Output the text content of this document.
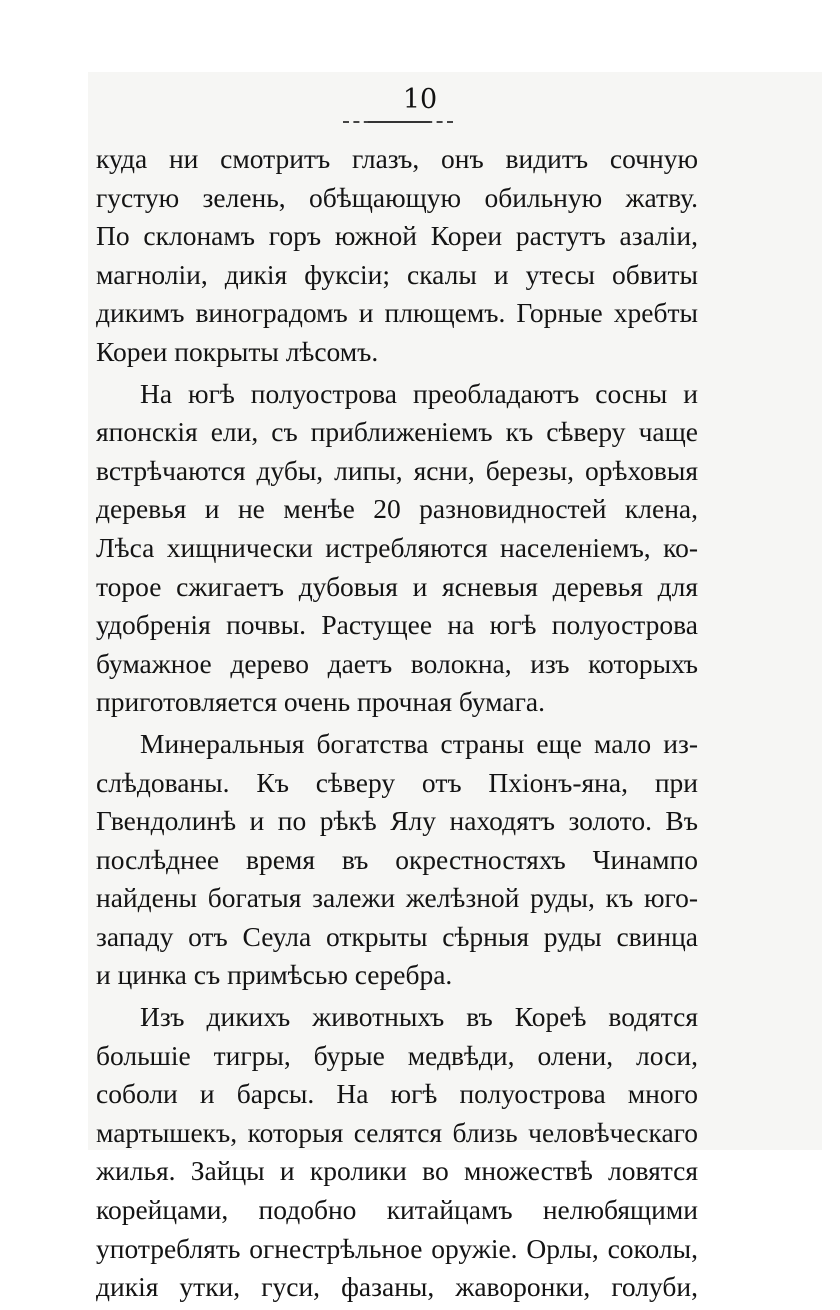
10
куда ни смотритъ глазъ, онъ видитъ сочную
густую зелень, обѣщающую обильную жатву.
По склонамъ горъ южной Кореи растутъ азаліи,
магноліи, дикія фуксіи; скалы и утесы обвиты
дикимъ виноградомъ и плющемъ. Горные хребты
Кореи покрыты лѣсомъ.
На югѣ полуострова преобладаютъ сосны и
японскія ели, съ приближеніемъ къ сѣверу чаще
встрѣчаются дубы, липы, ясни, березы, орѣховыя
деревья и не менѣе 20 разновидностей клена,
Лѣса хищнически истребляются населеніемъ, ко-
торое сжигаетъ дубовыя и ясневыя деревья для
удобренія почвы. Растущее на югѣ полуострова
бумажное дерево даетъ волокна, изъ которыхъ
приготовляется очень прочная бумага.
Минеральныя богатства страны еще мало из-
слѣдованы. Къ сѣверу отъ Пхіонъ-яна, при
Гвендолинѣ и по рѣкѣ Ялу находятъ золото. Въ
послѣднее время въ окрестностяхъ Чинампо
найдены богатыя залежи желѣзной руды, къ юго-
западу отъ Сеула открыты сѣрныя руды свинца
и цинка съ примѣсью серебра.
Изъ дикихъ животныхъ въ Кореѣ водятся
большіе тигры, бурые медвѣди, олени, лоси,
соболи и барсы. На югѣ полуострова много
мартышекъ, которыя селятся близь человѣческаго
жилья. Зайцы и кролики во множествѣ ловятся
корейцами, подобно китайцамъ нелюбящими
употреблять огнестрѣльное оружіе. Орлы, соколы,
дикія утки, гуси, фазаны, жаворонки, голуби,
